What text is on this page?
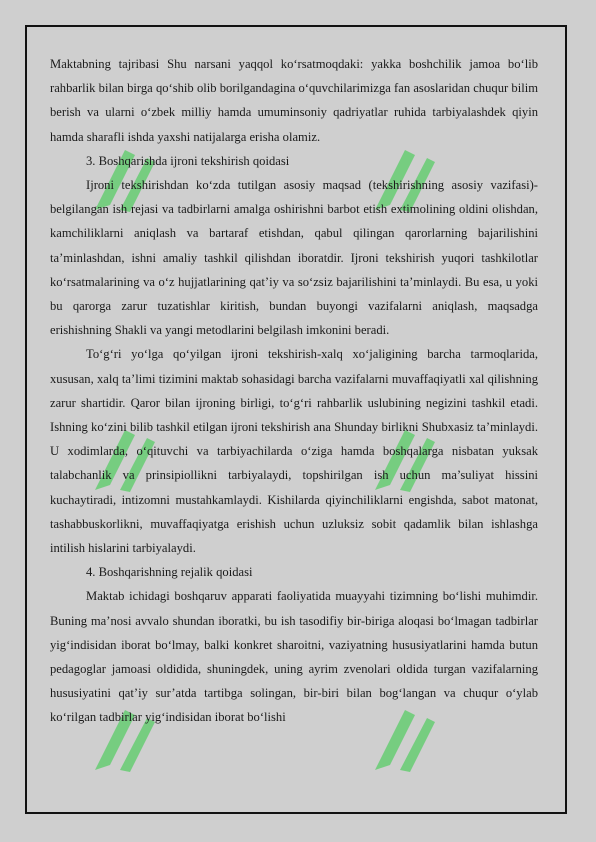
Maktabning tajribasi Shu narsani yaqqol ko‘rsatmoqdaki: yakka boshchilik jamoa bo‘lib rahbarlik bilan birga qo‘shib olib borilgandagina o‘quvchilarimizga fan asoslaridan chuqur bilim berish va ularni o‘zbek milliy hamda umuminsoniy qadriyatlar ruhida tarbiyalashdek qiyin hamda sharafli ishda yaxshi natijalarga erisha olamiz.

3. Boshqarishda ijroni tekshirish qoidasi

Ijroni tekshirishdan ko‘zda tutilgan asosiy maqsad (tekshirishning asosiy vazifasi)- belgilangan ish rejasi va tadbirlarni amalga oshirishni barbot etish extimolining oldini olishdan, kamchiliklarni aniqlash va bartaraf etishdan, qabul qilingan qarorlarning bajarilishini ta’minlashdan, ishni amaliy tashkil qilishdan iboratdir. Ijroni tekshirish yuqori tashkilotlar ko‘rsatmalarining va o‘z hujjatlarining qat’iy va so‘zsiz bajarilishini ta’minlaydi. Bu esa, u yoki bu qarorga zarur tuzatishlar kiritish, bundan buyongi vazifalarni aniqlash, maqsadga erishishning Shakli va yangi metodlarini belgilash imkonini beradi.

To‘g‘ri yo‘lga qo‘yilgan ijroni tekshirish-xalq xo‘jaligining barcha tarmoqlarida, xususan, xalq ta’limi tizimini maktab sohasidagi barcha vazifalarni muvaffaqiyatli xal qilishning zarur shartidir. Qaror bilan ijroning birligi, to‘g‘ri rahbarlik uslubining negizini tashkil etadi. Ishning ko‘zini bilib tashkil etilgan ijroni tekshirish ana Shunday birlikni Shubxasiz ta’minlaydi. U xodimlarda, o‘qituvchi va tarbiyachilarda o‘ziga hamda boshqalarga nisbatan yuksak talabchanlik va prinsipiollikni tarbiyalaydi, topshirilgan ish uchun ma’suliyat hissini kuchaytiradi, intizomni mustahkamlaydi. Kishilarda qiyinchiliklarni engishda, sabot matonat, tashabbuskorlikni, muvaffaqiyatga erishish uchun uzluksiz sobit qadamlik bilan ishlashga intilish hislarini tarbiyalaydi.

4. Boshqarishning rejalik qoidasi

Maktab ichidagi boshqaruv apparati faoliyatida muayyahi tizimning bo‘lishi muhimdir. Buning ma’nosi avvalo shundan iboratki, bu ish tasodifiy bir-biriga aloqasi bo‘lmagan tadbirlar yig‘indisidan iborat bo‘lmay, balki konkret sharoitni, vaziyatning hususiyatlarini hamda butun pedagoglar jamoasi oldidida, shuningdek, uning ayrim zvenolari oldida turgan vazifalarning hususiyatini qat’iy sur’atda tartibga solingan, bir-biri bilan bog‘langan va chuqur o‘ylab ko‘rilgan tadbirlar yig‘indisidan iborat bo‘lishi
